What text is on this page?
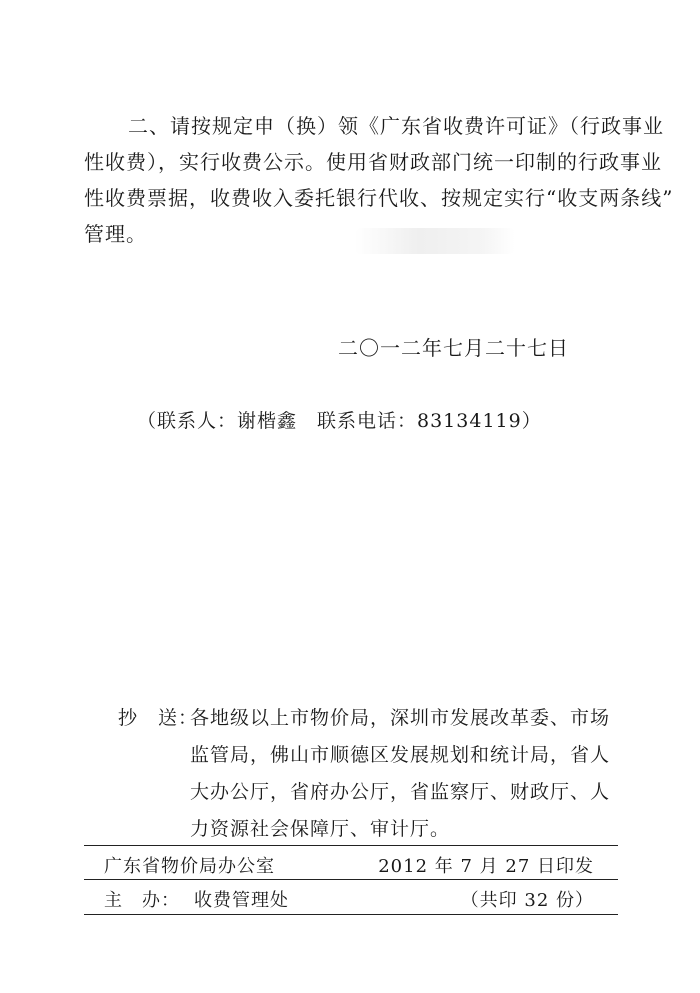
二、请按规定申（换）领《广东省收费许可证》（行政事业
性收费），实行收费公示。使用省财政部门统一印制的行政事业
性收费票据，收费收入委托银行代收、按规定实行“收支两条线”
管理。
二〇一二年七月二十七日
（联系人：谢楷鑫　联系电话：83134119）
抄　送：
各地级以上市物价局，深圳市发展改革委、市场
监管局，佛山市顺德区发展规划和统计局，省人
大办公厅，省府办公厅，省监察厅、财政厅、人
力资源社会保障厅、审计厅。
广东省物价局办公室	2012 年 7 月 27 日印发
主　办： 收费管理处	（共印 32 份）
